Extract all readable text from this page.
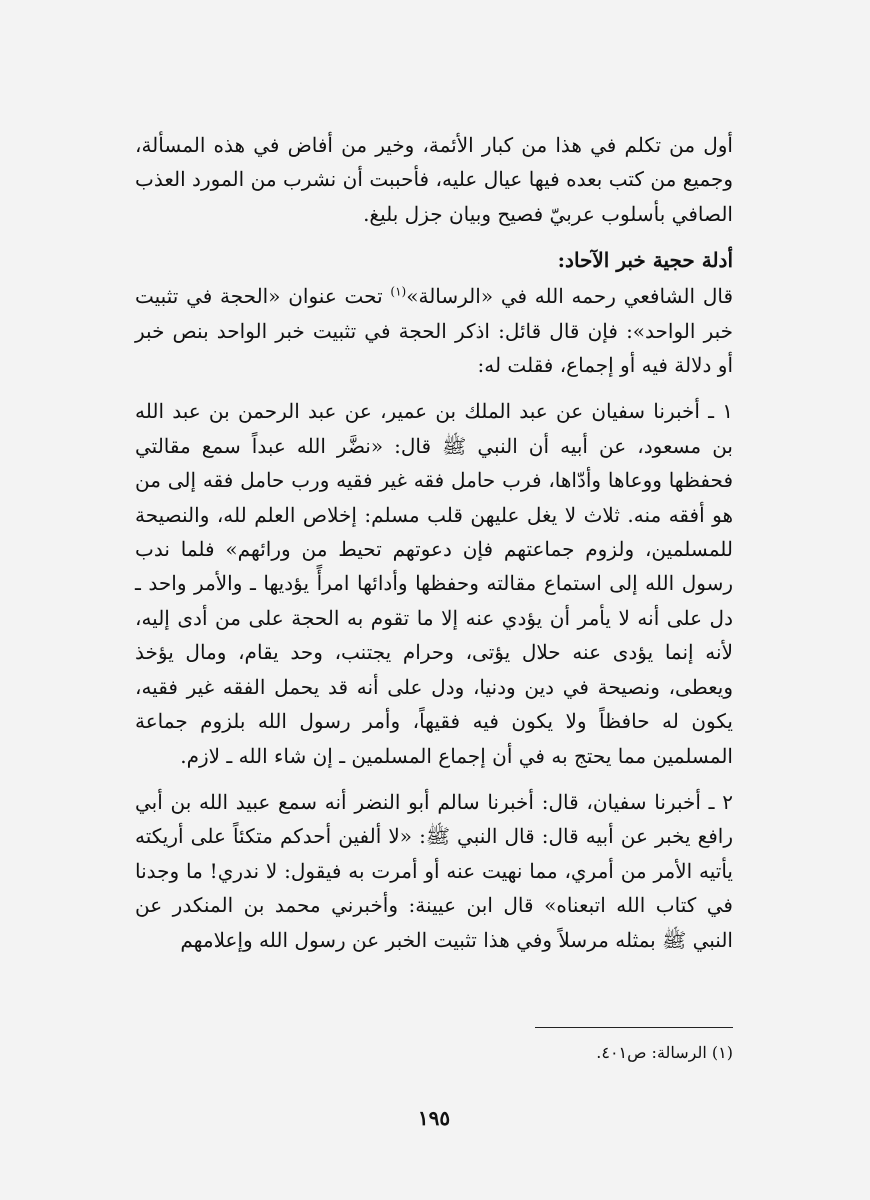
أول من تكلم في هذا من كبار الأئمة، وخير من أفاض في هذه المسألة، وجميع من كتب بعده فيها عيال عليه، فأحببت أن نشرب من المورد العذب الصافي بأسلوب عربيّ فصيح وبيان جزل بليغ.

أدلة حجية خبر الآحاد:

قال الشافعي رحمه الله في «الرسالة»$^{(١)}$ تحت عنوان «الحجة في تثبيت خبر الواحد»: فإن قال قائل: اذكر الحجة في تثبيت خبر الواحد بنص خبر أو دلالة فيه أو إجماع، فقلت له:

١ ـ أخبرنا سفيان عن عبد الملك بن عمير، عن عبد الرحمن بن عبد الله بن مسعود، عن أبيه أن النبي ﷺ قال: «نضَّر الله عبداً سمع مقالتي فحفظها ووعاها وأدّاها، فرب حامل فقه غير فقيه ورب حامل فقه إلى من هو أفقه منه. ثلاث لا يغل عليهن قلب مسلم: إخلاص العلم لله، والنصيحة للمسلمين، ولزوم جماعتهم فإن دعوتهم تحيط من ورائهم» فلما ندب رسول الله إلى استماع مقالته وحفظها وأدائها امرأً يؤديها ـ والأمر واحد ـ دل على أنه لا يأمر أن يؤدي عنه إلا ما تقوم به الحجة على من أدى إليه، لأنه إنما يؤدى عنه حلال يؤتى، وحرام يجتنب، وحد يقام، ومال يؤخذ ويعطى، ونصيحة في دين ودنيا، ودل على أنه قد يحمل الفقه غير فقيه، يكون له حافظاً ولا يكون فيه فقيهاً، وأمر رسول الله بلزوم جماعة المسلمين مما يحتج به في أن إجماع المسلمين ـ إن شاء الله ـ لازم.

٢ ـ أخبرنا سفيان، قال: أخبرنا سالم أبو النضر أنه سمع عبيد الله بن أبي رافع يخبر عن أبيه قال: قال النبي ﷺ: «لا ألفين أحدكم متكئاً على أريكته يأتيه الأمر من أمري، مما نهيت عنه أو أمرت به فيقول: لا ندري! ما وجدنا في كتاب الله اتبعناه» قال ابن عيينة: وأخبرني محمد بن المنكدر عن النبي ﷺ بمثله مرسلاً وفي هذا تثبيت الخبر عن رسول الله وإعلامهم

(١) الرسالة: ص٤٠١.
١٩٥
